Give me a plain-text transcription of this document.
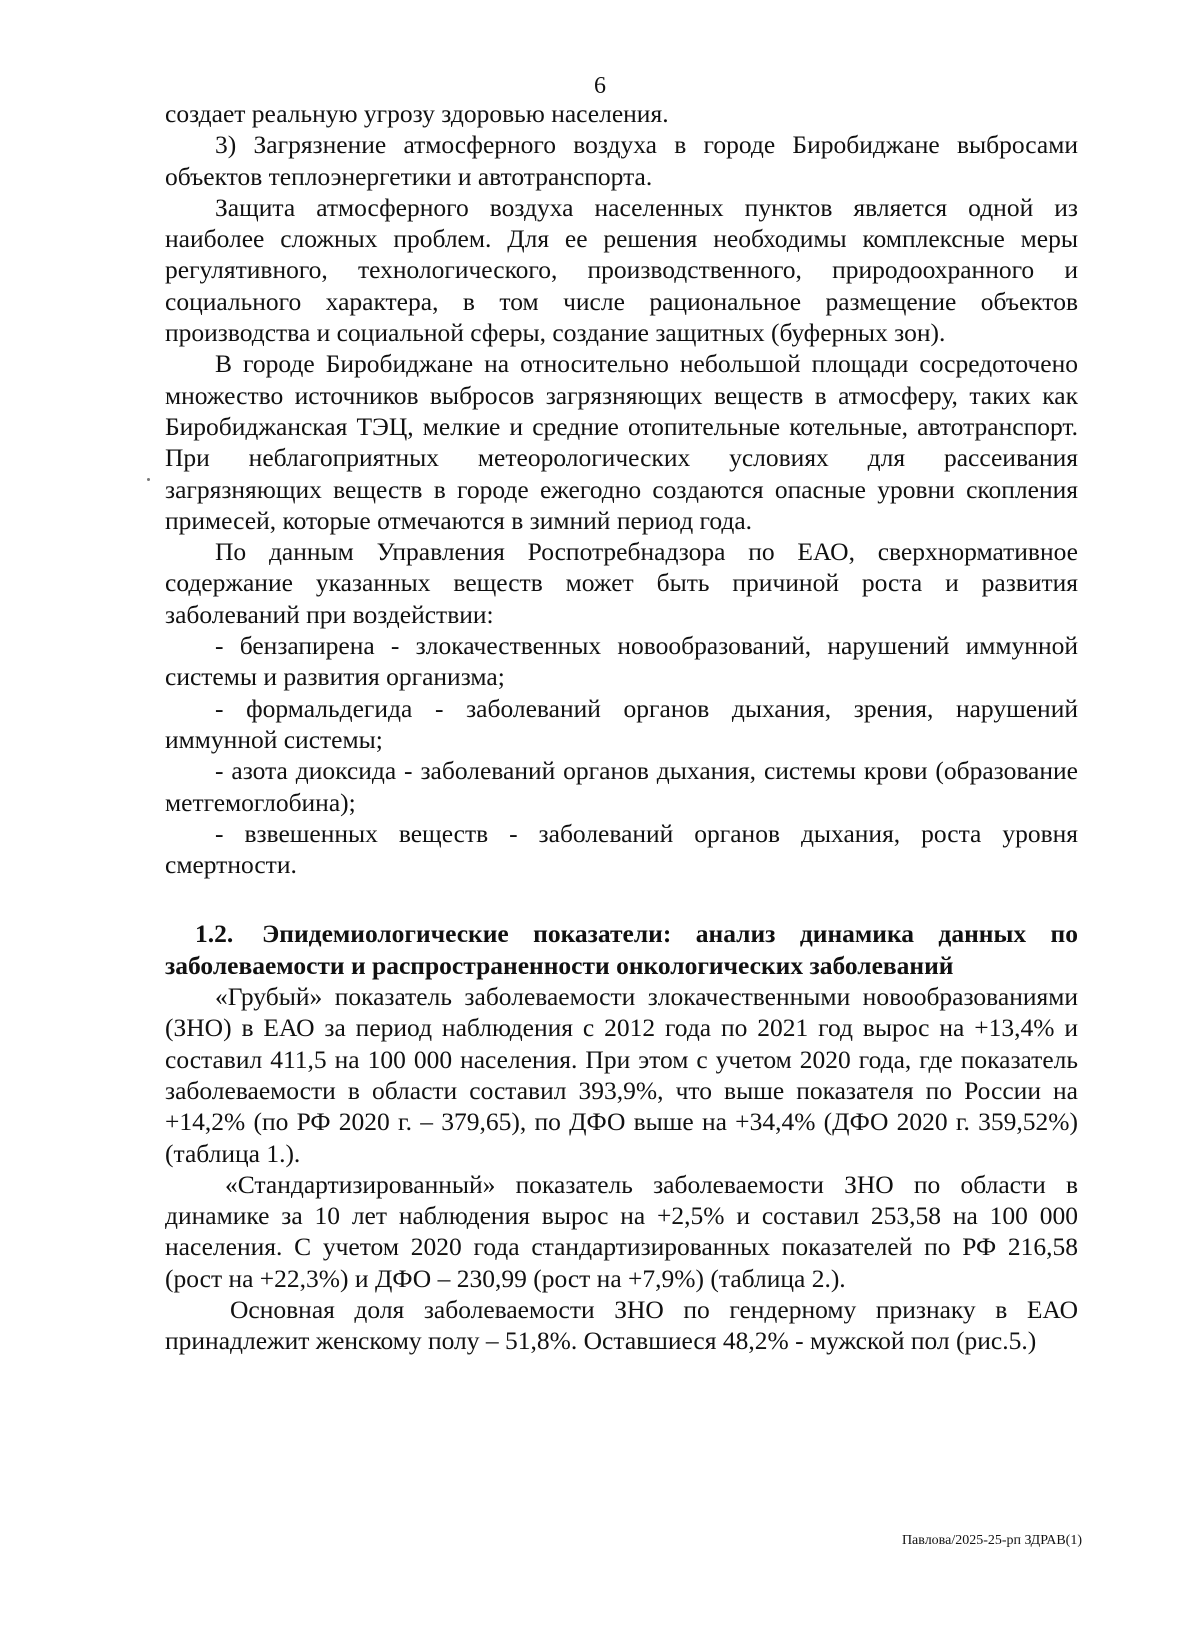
6

создает реальную угрозу здоровью населения.

3) Загрязнение атмосферного воздуха в городе Биробиджане выбросами объектов теплоэнергетики и автотранспорта.

Защита атмосферного воздуха населенных пунктов является одной из наиболее сложных проблем. Для ее решения необходимы комплексные меры регулятивного, технологического, производственного, природоохранного и социального характера, в том числе рациональное размещение объектов производства и социальной сферы, создание защитных (буферных зон).

В городе Биробиджане на относительно небольшой площади сосредоточено множество источников выбросов загрязняющих веществ в атмосферу, таких как Биробиджанская ТЭЦ, мелкие и средние отопительные котельные, автотранспорт. При неблагоприятных метеорологических условиях для рассеивания загрязняющих веществ в городе ежегодно создаются опасные уровни скопления примесей, которые отмечаются в зимний период года.

По данным Управления Роспотребнадзора по ЕАО, сверхнормативное содержание указанных веществ может быть причиной роста и развития заболеваний при воздействии:

- бензапирена - злокачественных новообразований, нарушений иммунной системы и развития организма;

- формальдегида - заболеваний органов дыхания, зрения, нарушений иммунной системы;

- азота диоксида - заболеваний органов дыхания, системы крови (образование метгемоглобина);

- взвешенных веществ - заболеваний органов дыхания, роста уровня смертности.

1.2. Эпидемиологические показатели: анализ динамика данных по заболеваемости и распространенности онкологических заболеваний

«Грубый» показатель заболеваемости злокачественными новообразованиями (ЗНО) в ЕАО за период наблюдения с 2012 года по 2021 год вырос на +13,4% и составил 411,5 на 100 000 населения. При этом с учетом 2020 года, где показатель заболеваемости в области составил 393,9%, что выше показателя по России на +14,2% (по РФ 2020 г. – 379,65), по ДФО выше на +34,4% (ДФО 2020 г. 359,52%) (таблица 1.).

«Стандартизированный» показатель заболеваемости ЗНО по области в динамике за 10 лет наблюдения вырос на +2,5% и составил 253,58 на 100 000 населения. С учетом 2020 года стандартизированных показателей по РФ 216,58 (рост на +22,3%) и ДФО – 230,99 (рост на +7,9%) (таблица 2.).

Основная доля заболеваемости ЗНО по гендерному признаку в ЕАО принадлежит женскому полу – 51,8%. Оставшиеся 48,2% - мужской пол (рис.5.)

Павлова/2025-25-рп ЗДРАВ(1)
